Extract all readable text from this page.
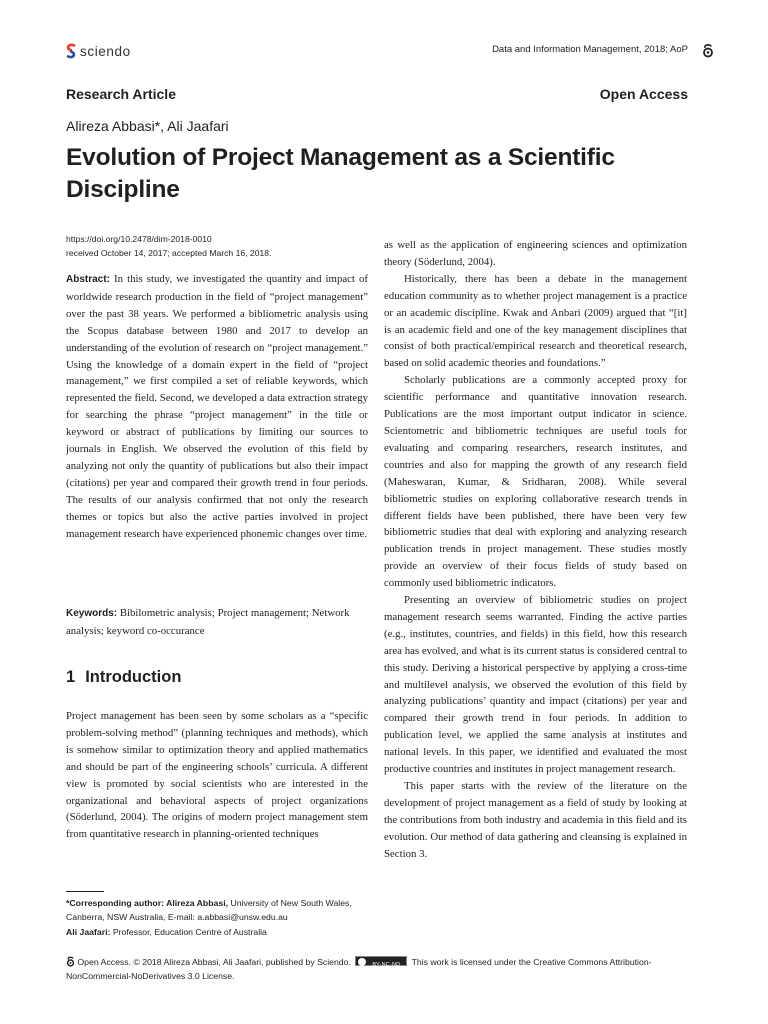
sciendo	Data and Information Management, 2018; AoP
Research Article	Open Access
Alireza Abbasi*, Ali Jaafari
Evolution of Project Management as a Scientific Discipline
https://doi.org/10.2478/dim-2018-0010
received October 14, 2017; accepted March 16, 2018.

Abstract: In this study, we investigated the quantity and impact of worldwide research production in the field of “project management” over the past 38 years. We performed a bibliometric analysis using the Scopus database between 1980 and 2017 to develop an understanding of the evolution of research on “project management.” Using the knowledge of a domain expert in the field of “project management,” we first compiled a set of reliable keywords, which represented the field. Second, we developed a data extraction strategy for searching the phrase “project management” in the title or keyword or abstract of publications by limiting our sources to journals in English. We observed the evolution of this field by analyzing not only the quantity of publications but also their impact (citations) per year and compared their growth trend in four periods. The results of our analysis confirmed that not only the research themes or topics but also the active parties involved in project management research have experienced phonemic changes over time.

Keywords: Bibilometric analysis; Project management; Network analysis; keyword co-occurance

1 Introduction

Project management has been seen by some scholars as a “specific problem-solving method” (planning techniques and methods), which is somehow similar to optimization theory and applied mathematics and should be part of the engineering schools’ curricula. A different view is promoted by social scientists who are interested in the organizational and behavioral aspects of project organizations (Söderlund, 2004). The origins of modern project management stem from quantitative research in planning-oriented techniques

as well as the application of engineering sciences and optimization theory (Söderlund, 2004).

Historically, there has been a debate in the management education community as to whether project management is a practice or an academic discipline. Kwak and Anbari (2009) argued that “[it] is an academic field and one of the key management disciplines that consist of both practical/empirical research and theoretical research, based on solid academic theories and foundations.”

Scholarly publications are a commonly accepted proxy for scientific performance and quantitative innovation research. Publications are the most important output indicator in science. Scientometric and bibliometric techniques are useful tools for evaluating and comparing researchers, research institutes, and countries and also for mapping the growth of any research field (Maheswaran, Kumar, & Sridharan, 2008). While several bibliometric studies on exploring collaborative research trends in different fields have been published, there have been very few bibliometric studies that deal with exploring and analyzing research publication trends in project management. These studies mostly provide an overview of their focus fields of study based on commonly used bibliometric indicators.

Presenting an overview of bibliometric studies on project management research seems warranted. Finding the active parties (e.g., institutes, countries, and fields) in this field, how this research area has evolved, and what is its current status is considered central to this study. Deriving a historical perspective by applying a cross-time and multilevel analysis, we observed the evolution of this field by analyzing publications’ quantity and impact (citations) per year and compared their growth trend in four periods. In addition to publication level, we applied the same analysis at institutes and national levels. In this paper, we identified and evaluated the most productive countries and institutes in project management research.

This paper starts with the review of the literature on the development of project management as a field of study by looking at the contributions from both industry and academia in this field and its evolution. Our method of data gathering and cleansing is explained in Section 3.

*Corresponding author: Alireza Abbasi, University of New South Wales, Canberra, NSW Australia, E-mail: a.abbasi@unsw.edu.au
Ali Jaafari: Professor, Education Centre of Australia
Open Access. © 2018 Alireza Abbasi, Ali Jaafari, published by Sciendo.	BY-NC-ND This work is licensed under the Creative Commons Attribution-NonCommercial-NoDerivatives 3.0 License.
